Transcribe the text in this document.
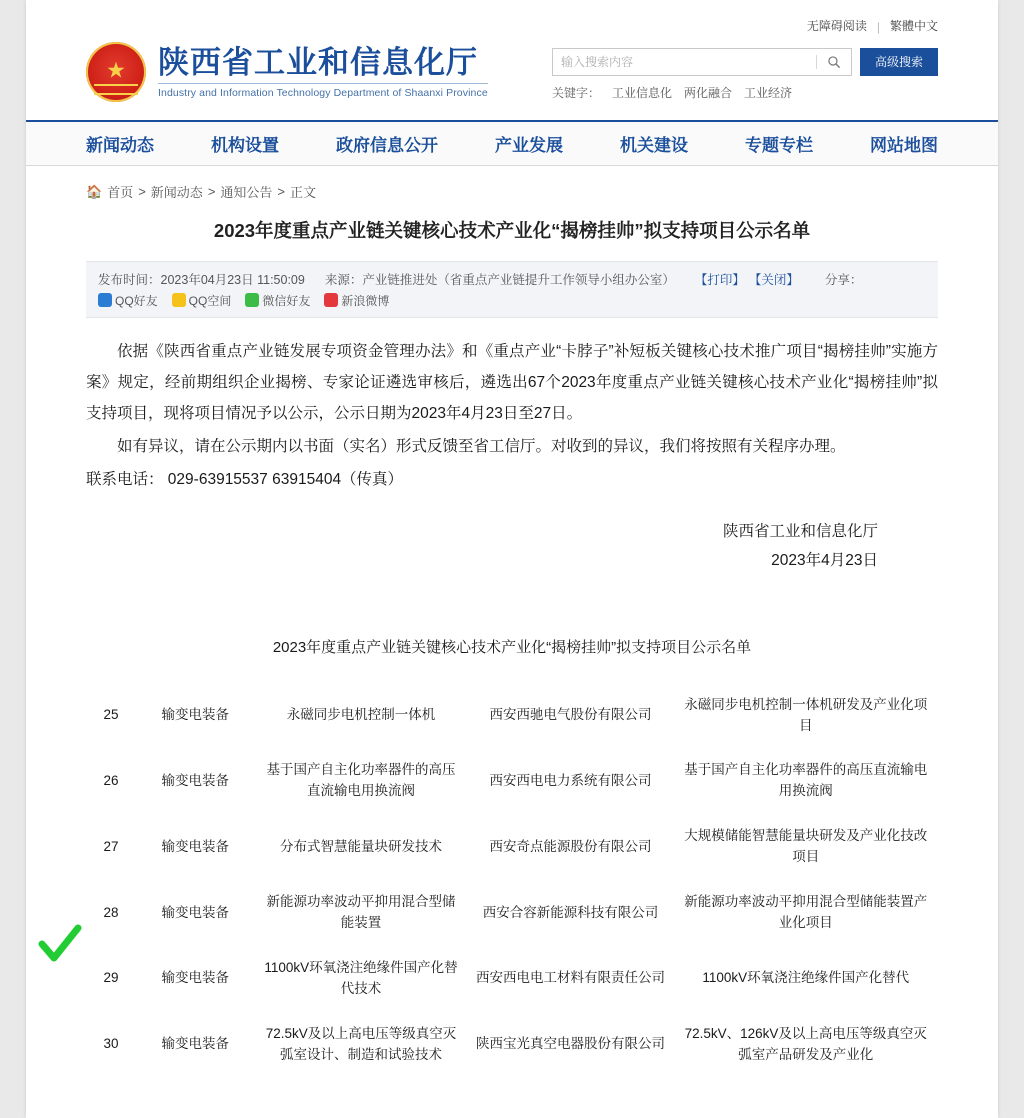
无障碍阅读 | 繁體中文
★
陕西省工业和信息化厅
Industry and Information Technology Department of Shaanxi Province
输入搜索内容
高级搜索
关键字： 工业信息化 两化融合 工业经济
新闻动态	机构设置	政府信息公开	产业发展	机关建设	专题专栏	网站地图
🏠 首页 > 新闻动态 > 通知公告 > 正文
2023年度重点产业链关键核心技术产业化“揭榜挂帅”拟支持项目公示名单
发布时间：2023年04月23日 11:50:09 来源：产业链推进处（省重点产业链提升工作领导小组办公室） 【打印】 【关闭】 分享：
QQ好友	QQ空间	微信好友	新浪微博

依据《陕西省重点产业链发展专项资金管理办法》和《重点产业“卡脖子”补短板关键核心技术推广项目“揭榜挂帅”实施方案》规定，经前期组织企业揭榜、专家论证遴选审核后，遴选出67个2023年度重点产业链关键核心技术产业化“揭榜挂帅”拟支持项目，现将项目情况予以公示，公示日期为2023年4月23日至27日。

如有异议，请在公示期内以书面（实名）形式反馈至省工信厅。对收到的异议，我们将按照有关程序办理。

联系电话： 029-63915537 63915404（传真）

陕西省工业和信息化厅
2023年4月23日
2023年度重点产业链关键核心技术产业化“揭榜挂帅”拟支持项目公示名单
25	输变电装备	永磁同步电机控制一体机	西安西驰电气股份有限公司	永磁同步电机控制一体机研发及产业化项目
26	输变电装备	基于国产自主化功率器件的高压直流输电用换流阀	西安西电电力系统有限公司	基于国产自主化功率器件的高压直流输电用换流阀
27	输变电装备	分布式智慧能量块研发技术	西安奇点能源股份有限公司	大规模储能智慧能量块研发及产业化技改项目
28	输变电装备	新能源功率波动平抑用混合型储能装置	西安合容新能源科技有限公司	新能源功率波动平抑用混合型储能装置产业化项目
29	输变电装备	1100kV环氧浇注绝缘件国产化替代技术	西安西电电工材料有限责任公司	1100kV环氧浇注绝缘件国产化替代
30	输变电装备	72.5kV及以上高电压等级真空灭弧室设计、制造和试验技术	陕西宝光真空电器股份有限公司	72.5kV、126kV及以上高电压等级真空灭弧室产品研发及产业化
